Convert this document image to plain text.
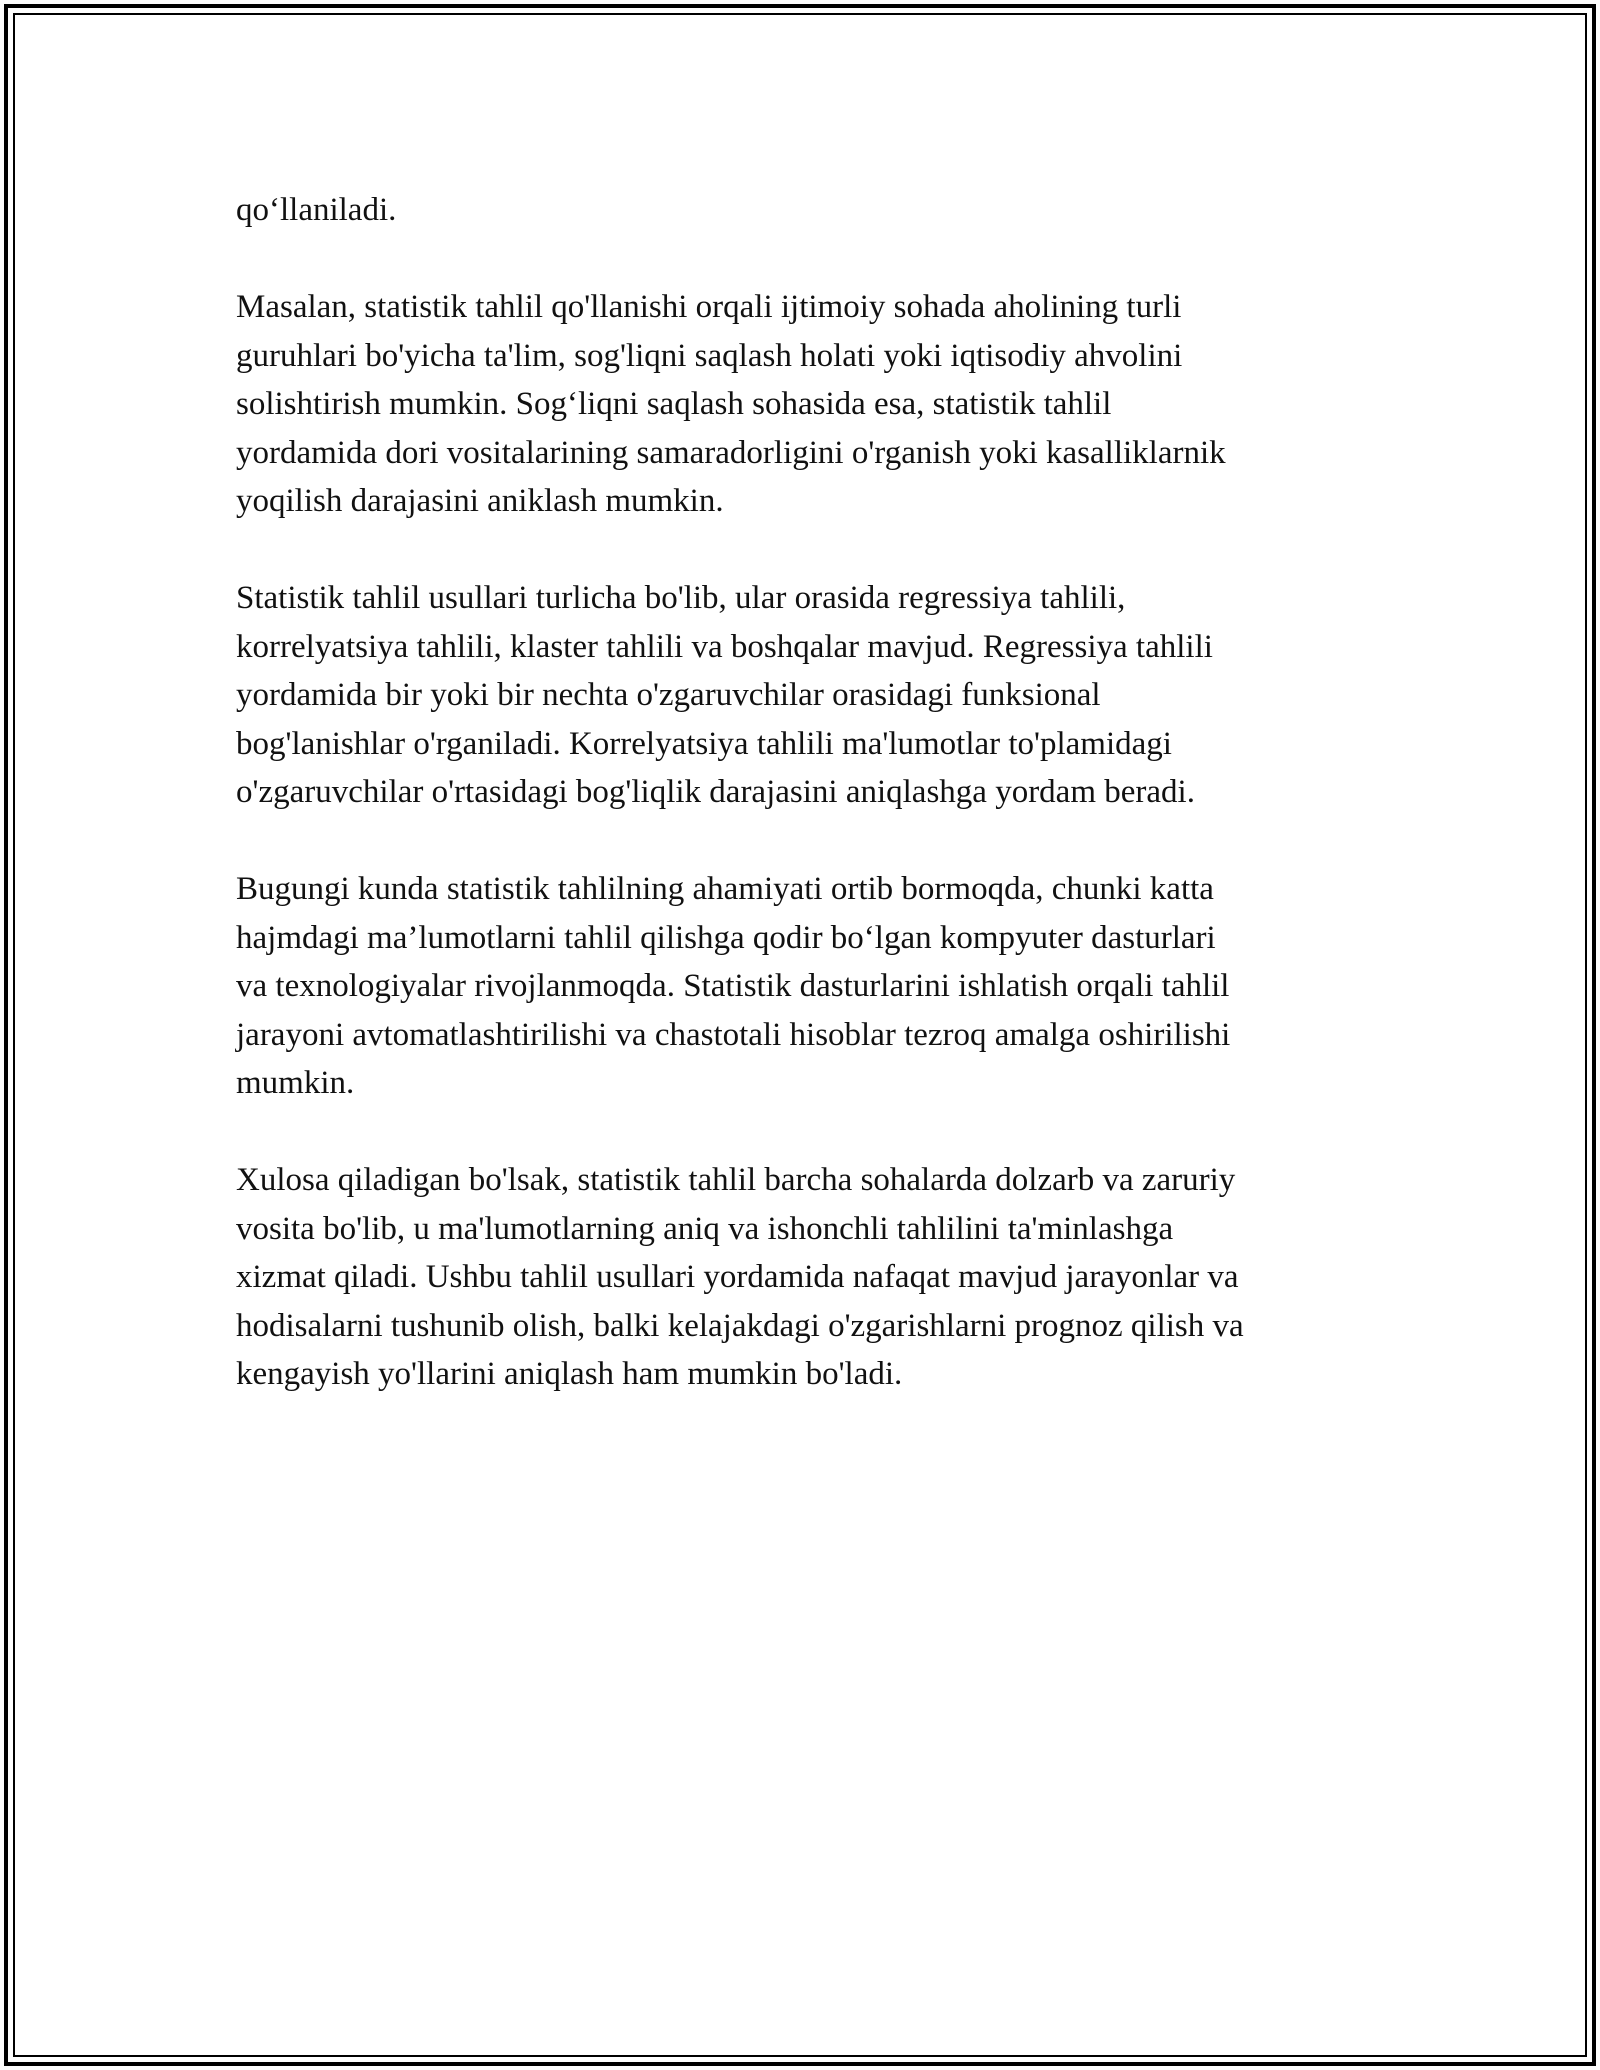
qo‘llaniladi.
Masalan, statistik tahlil qo'llanishi orqali ijtimoiy sohada aholining turli
guruhlari bo'yicha ta'lim, sog'liqni saqlash holati yoki iqtisodiy ahvolini
solishtirish mumkin. Sog‘liqni saqlash sohasida esa, statistik tahlil
yordamida dori vositalarining samaradorligini o'rganish yoki kasalliklarnik
yoqilish darajasini aniklash mumkin.
Statistik tahlil usullari turlicha bo'lib, ular orasida regressiya tahlili,
korrelyatsiya tahlili, klaster tahlili va boshqalar mavjud. Regressiya tahlili
yordamida bir yoki bir nechta o'zgaruvchilar orasidagi funksional
bog'lanishlar o'rganiladi. Korrelyatsiya tahlili ma'lumotlar to'plamidagi
o'zgaruvchilar o'rtasidagi bog'liqlik darajasini aniqlashga yordam beradi.
Bugungi kunda statistik tahlilning ahamiyati ortib bormoqda, chunki katta
hajmdagi ma’lumotlarni tahlil qilishga qodir bo‘lgan kompyuter dasturlari
va texnologiyalar rivojlanmoqda. Statistik dasturlarini ishlatish orqali tahlil
jarayoni avtomatlashtirilishi va chastotali hisoblar tezroq amalga oshirilishi
mumkin.
Xulosa qiladigan bo'lsak, statistik tahlil barcha sohalarda dolzarb va zaruriy
vosita bo'lib, u ma'lumotlarning aniq va ishonchli tahlilini ta'minlashga
xizmat qiladi. Ushbu tahlil usullari yordamida nafaqat mavjud jarayonlar va
hodisalarni tushunib olish, balki kelajakdagi o'zgarishlarni prognoz qilish va
kengayish yo'llarini aniqlash ham mumkin bo'ladi.
